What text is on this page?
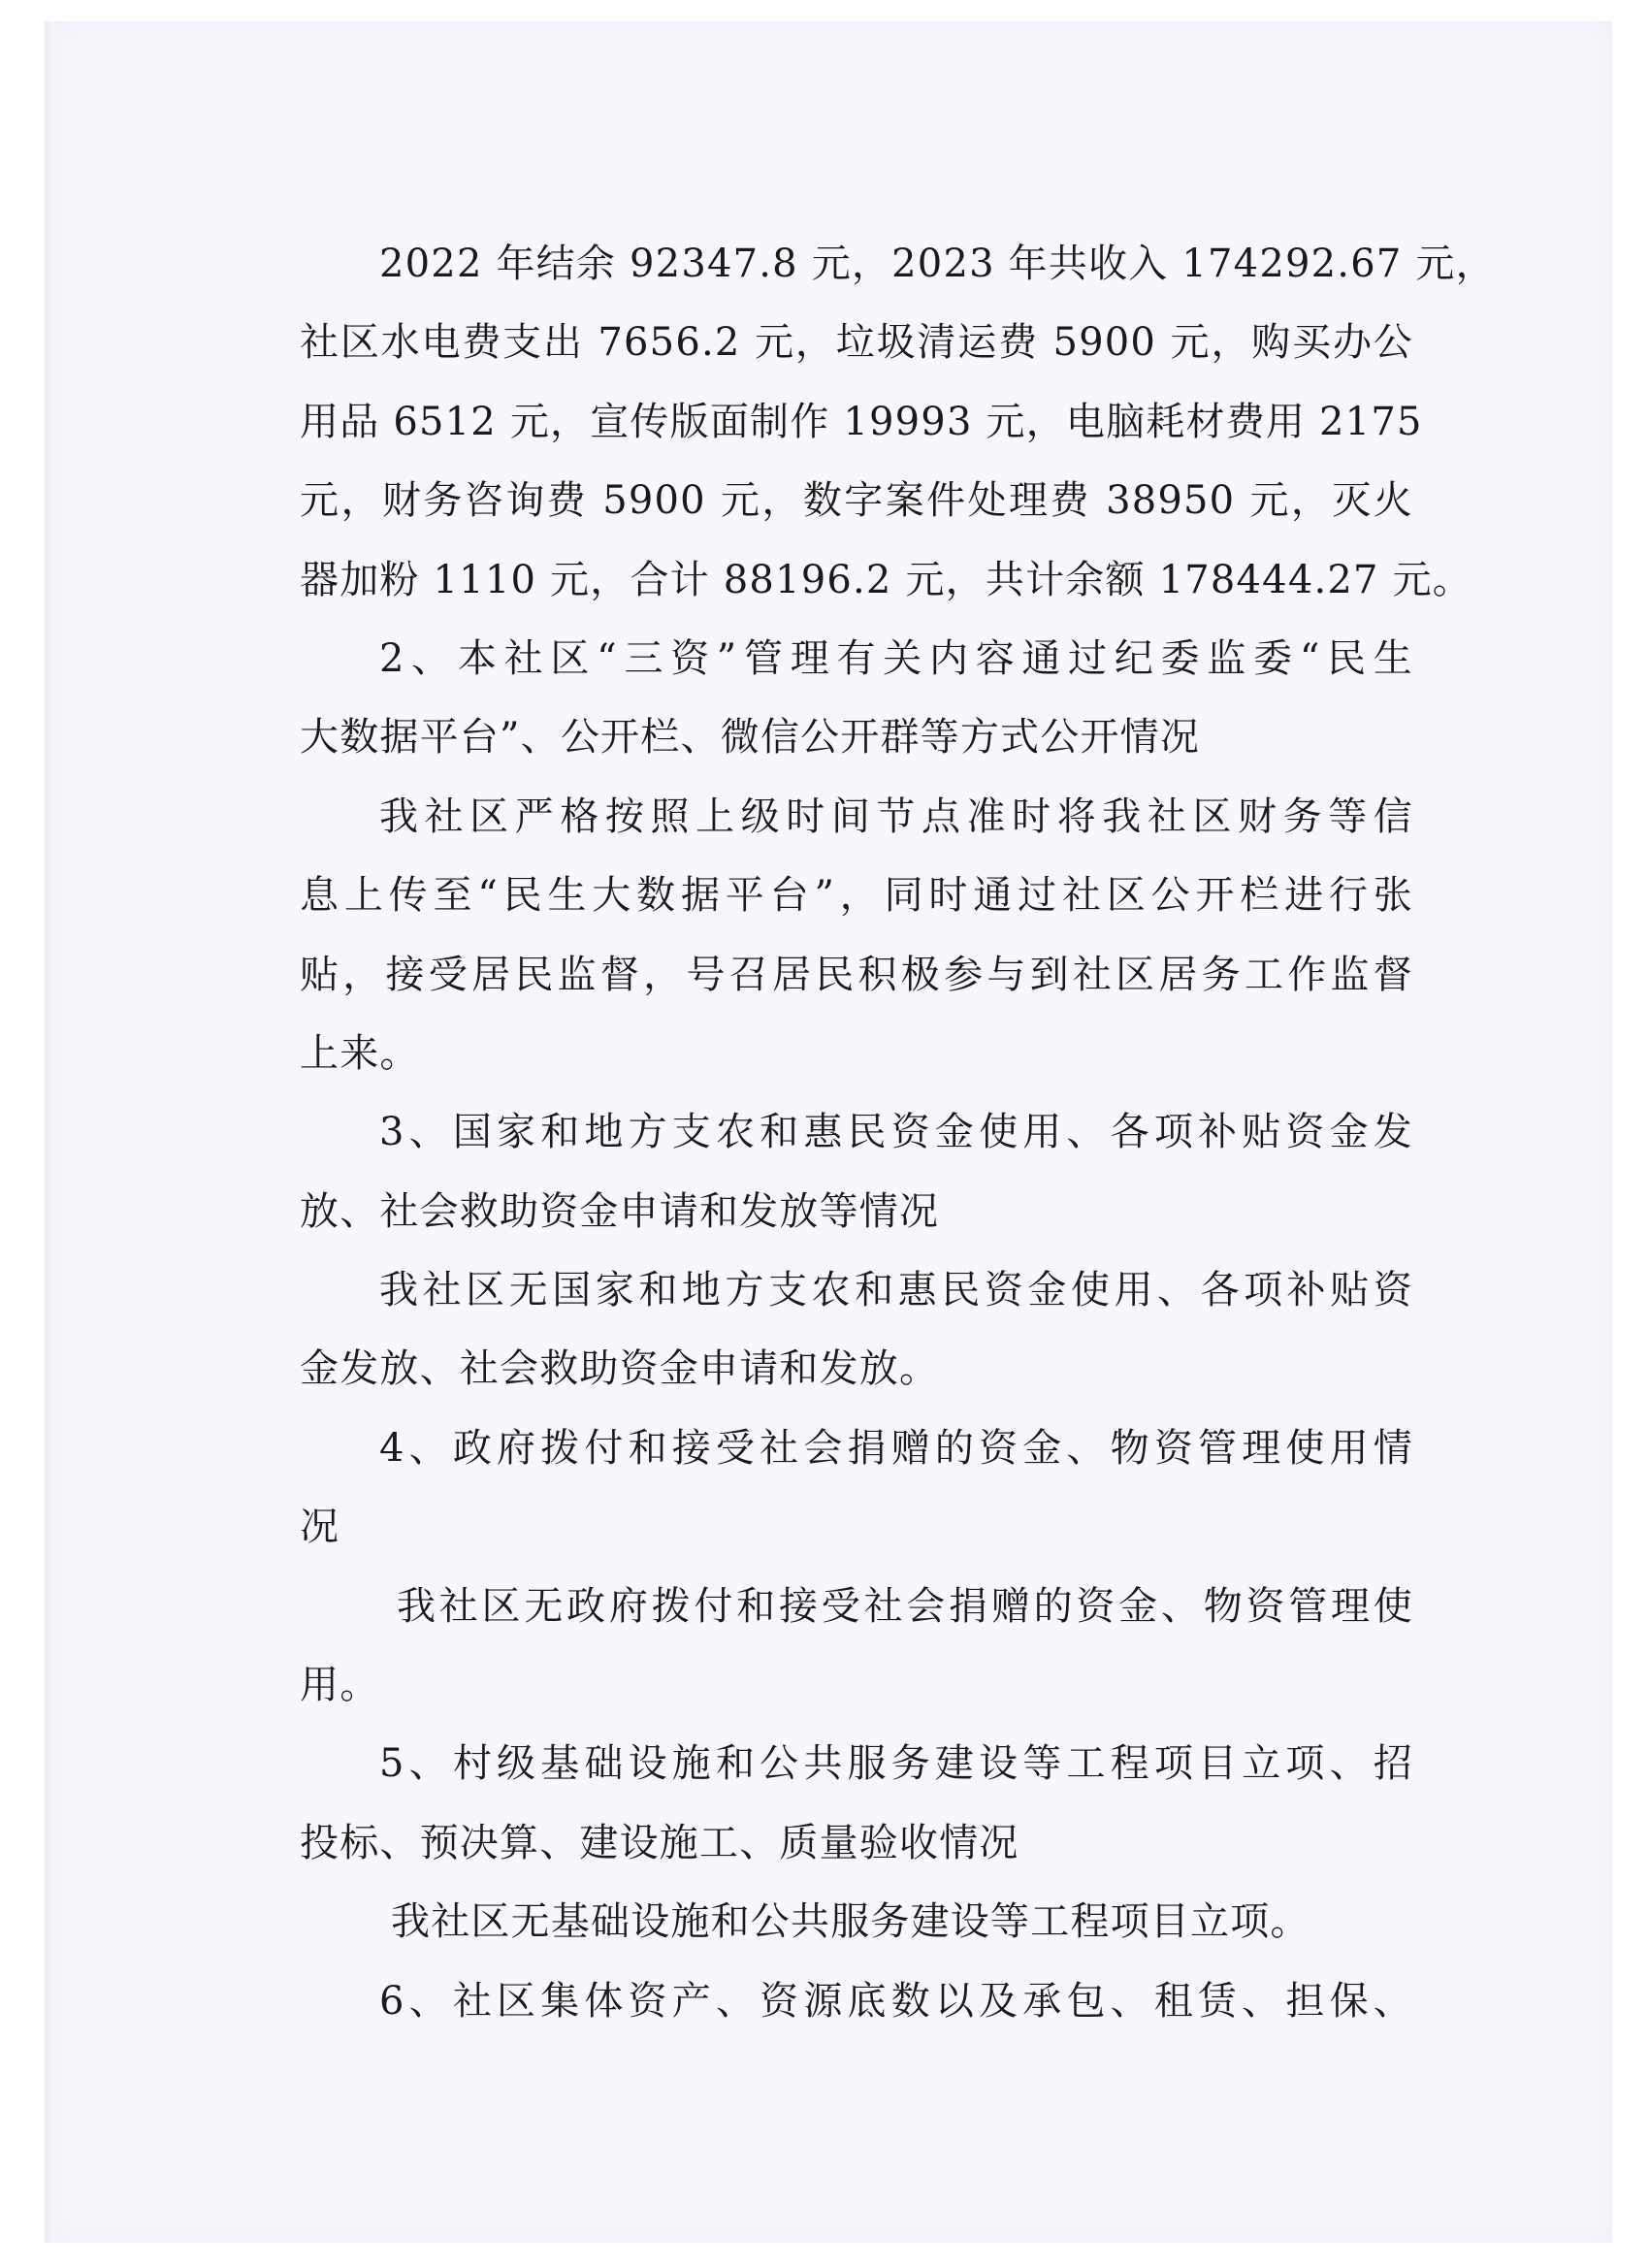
2022 年结余 92347.8 元，2023 年共收入 174292.67 元，
社区水电费支出 7656.2 元，垃圾清运费 5900 元，购买办公
用品 6512 元，宣传版面制作 19993 元，电脑耗材费用 2175
元，财务咨询费 5900 元，数字案件处理费 38950 元，灭火
器加粉 1110 元，合计 88196.2 元，共计余额 178444.27 元。
2、本社区“三资”管理有关内容通过纪委监委“民生
大数据平台”、公开栏、微信公开群等方式公开情况
我社区严格按照上级时间节点准时将我社区财务等信
息上传至“民生大数据平台”，同时通过社区公开栏进行张
贴，接受居民监督，号召居民积极参与到社区居务工作监督
上来。
3、国家和地方支农和惠民资金使用、各项补贴资金发
放、社会救助资金申请和发放等情况
我社区无国家和地方支农和惠民资金使用、各项补贴资
金发放、社会救助资金申请和发放。
4、政府拨付和接受社会捐赠的资金、物资管理使用情
况
我社区无政府拨付和接受社会捐赠的资金、物资管理使
用。
5、村级基础设施和公共服务建设等工程项目立项、招
投标、预决算、建设施工、质量验收情况
我社区无基础设施和公共服务建设等工程项目立项。
6、社区集体资产、资源底数以及承包、租赁、担保、
